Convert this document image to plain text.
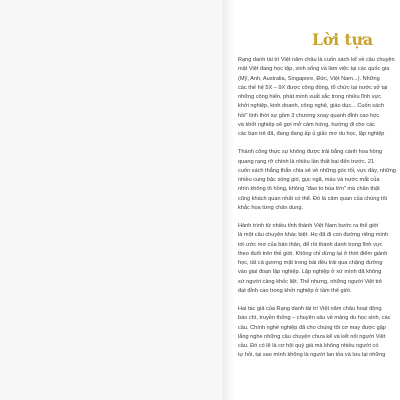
Lời tựa
Rạng danh tài trí Việt năm châu là cuốn sách kể về câu chuyện
mặt Việt đang học tập, sinh sống và làm việc tại các quốc gia
(Mỹ, Anh, Australia, Singapore, Đức, Việt Nam...). Những
các thế hệ 5X – 9X được công đồng, tổ chức tại nước sở tại
những công hiến, phát minh xuất sắc trong nhiều lĩnh vực
khởi nghiệp, kinh doanh, công nghệ, giáo dục... Cuốn sách
hồi" tinh thời sự gồm 3 chương xoay quanh đỉnh cao học
và khởi nghiệp sẽ gợi mở cảm hứng, hướng đi cho các
các bạn trẻ đã, đang đang ấp ủ giấc mơ du học, lập nghiệp
Thành công thực sự không được trải bằng cánh hoa hồng
quang rạng rỡ chính là nhiều lần thất bại đến trước. 21
cuốn sách thẳng thắn chia sẻ về những góc tối, vực đáy, những
nhiều cung bậc sóng gió, gục ngã, máu và nước mắt của
nhìn không tô hồng, không "đao to búa lớn" mà chân thật
cũng khách quan nhất có thể. Đó là cảm quan của chúng tôi
khắc họa từng chân dung.
Hành trình từ nhiều tỉnh thành Việt Nam bước ra thế giới
là một câu chuyện khác biệt. Họ đã đi con đường riêng mình
tới ước mơ của bản thân, để rồi thành danh trong lĩnh vực
theo đuổi trên thế giới. Không chỉ dừng lại ở thời điểm giành
học, tất cả gương mặt trong bài đều trải qua chặng đường
vào giai đoạn lập nghiệp. Lập nghiệp ở xứ mình đã không
xứ người càng khốc liệt. Thế nhưng, những người Việt trẻ
đạt đỉnh cao trong khởi nghiệp ở tầm thế giới.
Hai tác giả của Rạng danh tài trí Việt năm châu hoạt động
báo chí, truyền thông – chuyên sâu về mảng du học sinh, các
cầu. Chính nghề nghiệp đã cho chúng tôi cơ may được gặp
lắng nghe những câu chuyện chưa kể và kết nối người Việt
cầu. Đó có lẽ là cơ hội quý giá mà không nhiều người có
tự hỏi, tại sao mình không là người lan tỏa và lưu lại những
